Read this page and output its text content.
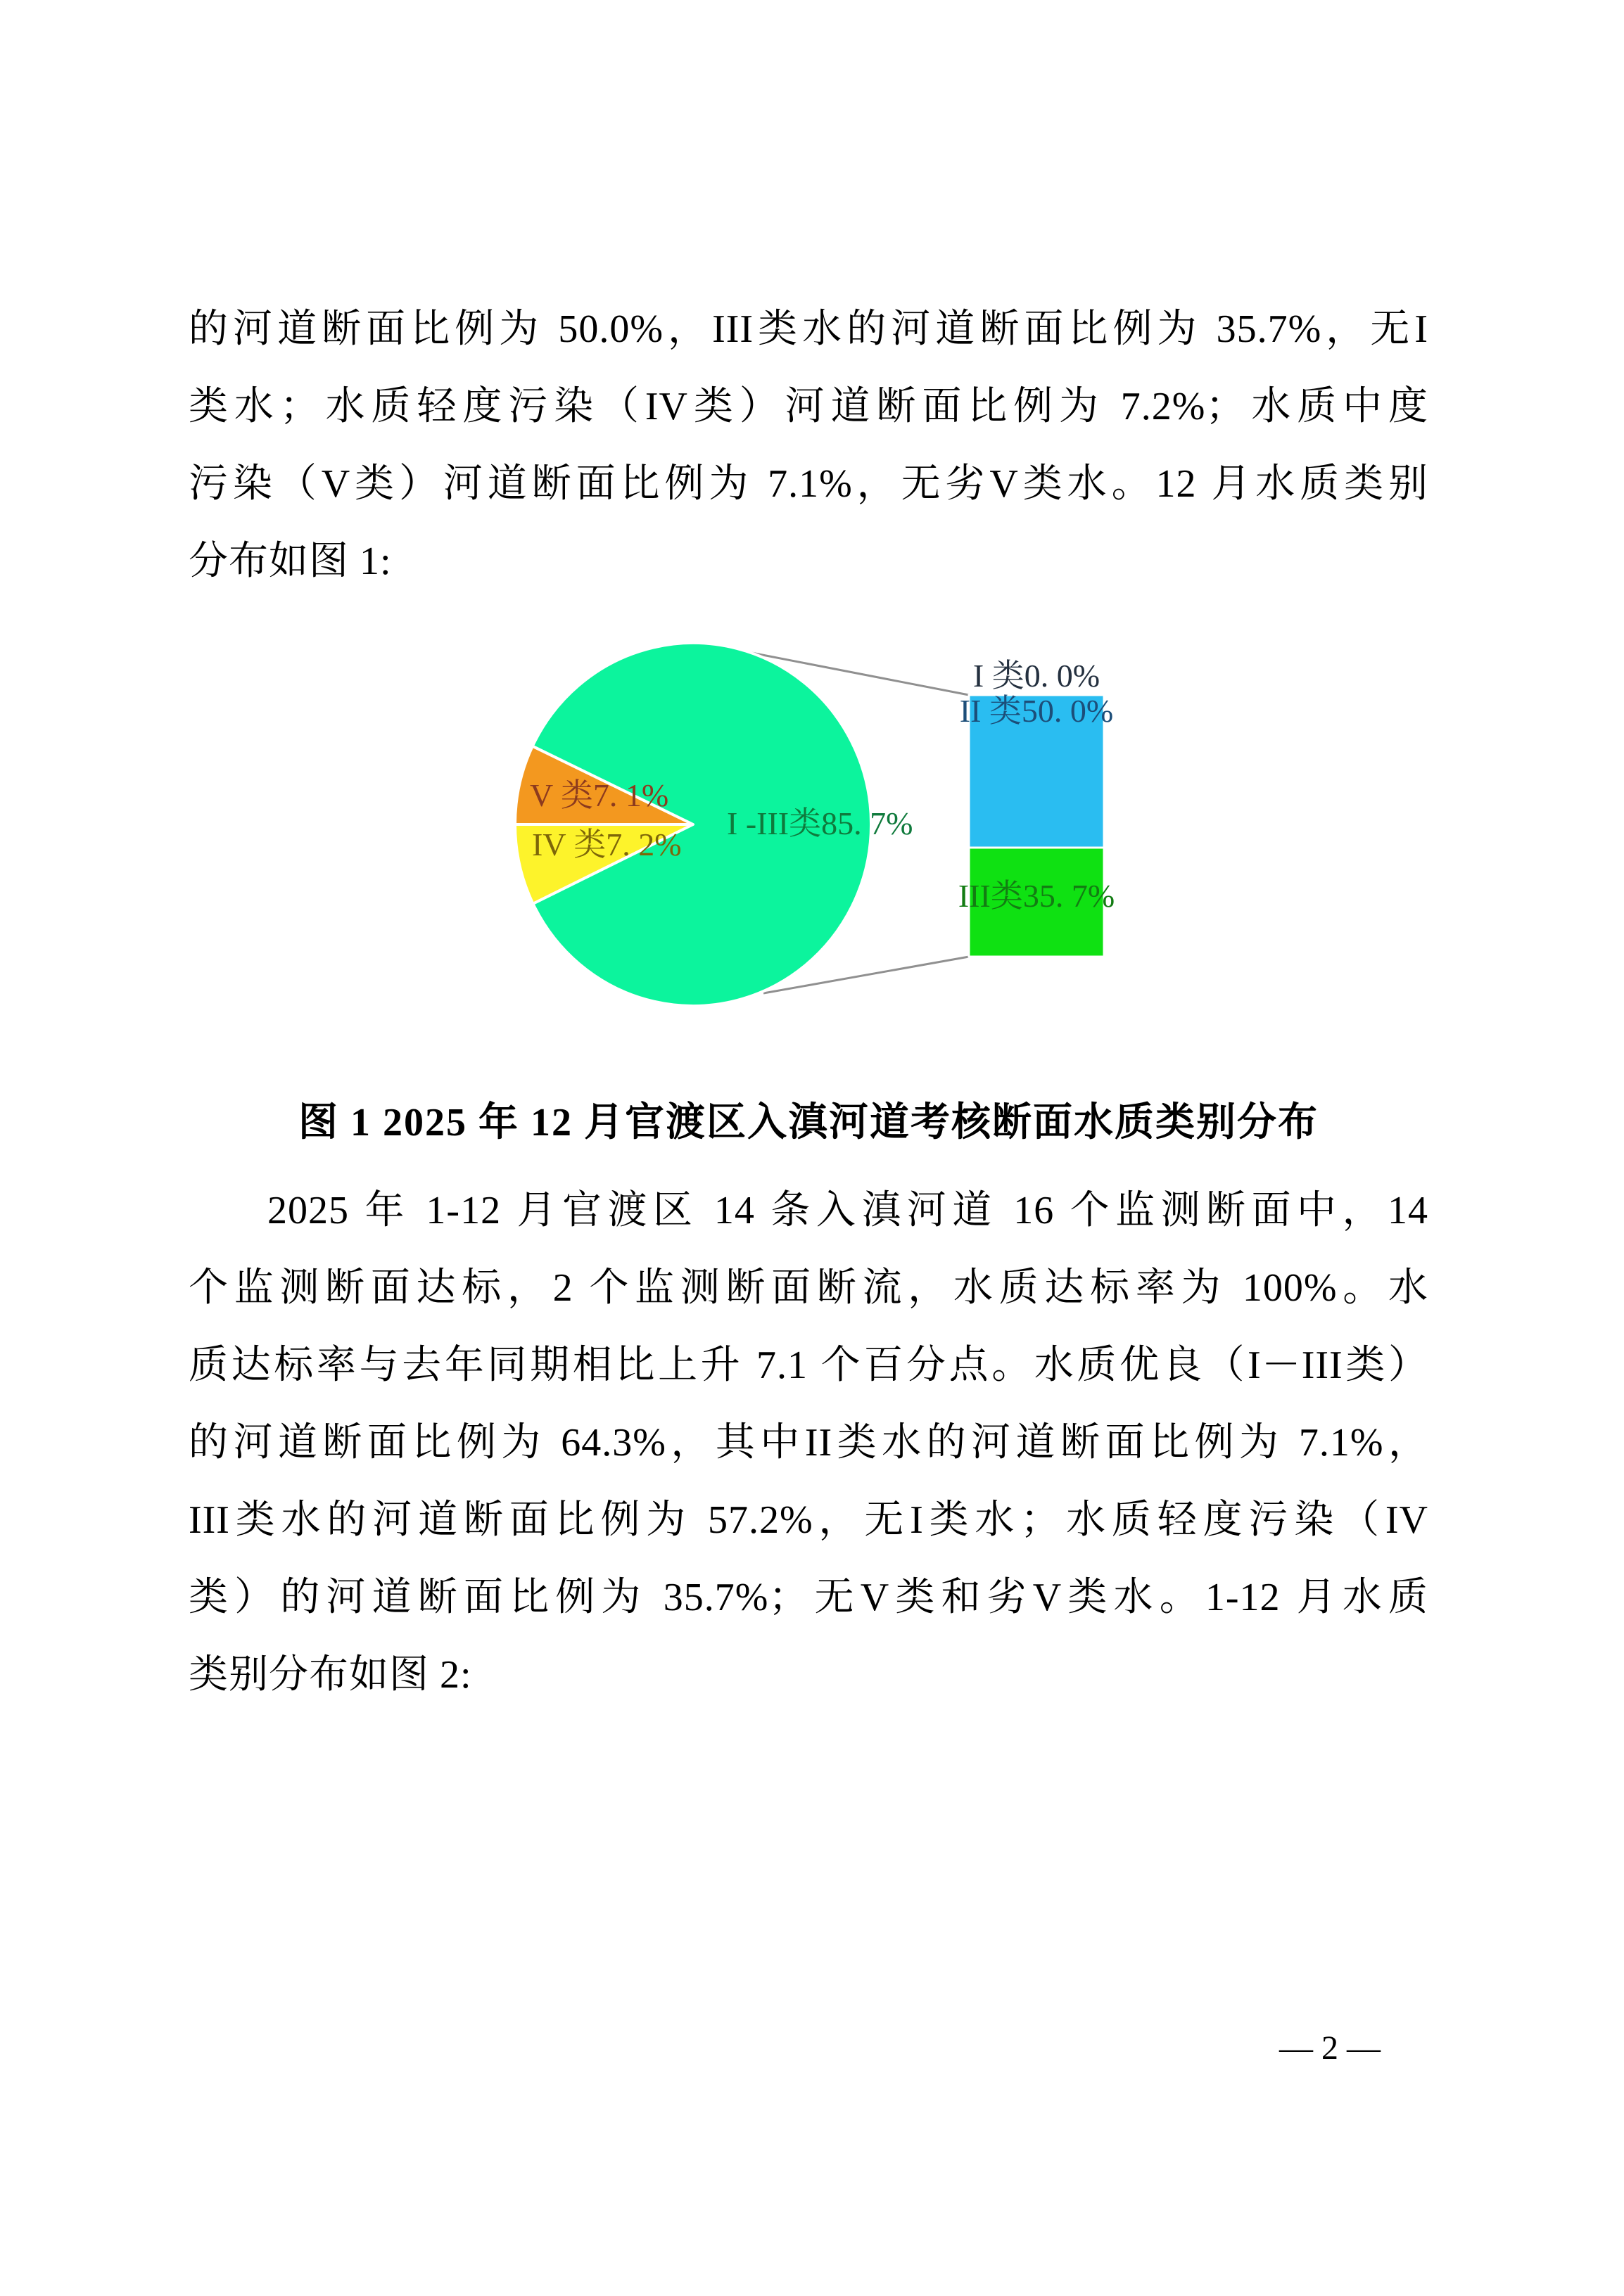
的河道断面比例为 50.0%，III类水的河道断面比例为 35.7%，无I
类水；水质轻度污染（IV类）河道断面比例为 7.2%；水质中度
污染（V类）河道断面比例为 7.1%，无劣V类水。12 月水质类别
分布如图 1:
V 类7. 1%
IV 类7. 2%
I -III类85. 7%
II 类50. 0%
III类35. 7%
I 类0. 0%
图 1 2025 年 12 月官渡区入滇河道考核断面水质类别分布
2025 年 1-12 月官渡区 14 条入滇河道 16 个监测断面中，14
个监测断面达标，2 个监测断面断流，水质达标率为 100%。水
质达标率与去年同期相比上升 7.1 个百分点。水质优良（I－III类）
的河道断面比例为 64.3%，其中II类水的河道断面比例为 7.1%，
III类水的河道断面比例为 57.2%，无I类水；水质轻度污染（IV
类）的河道断面比例为 35.7%；无V类和劣V类水。1-12 月水质
类别分布如图 2:
— 2 —
